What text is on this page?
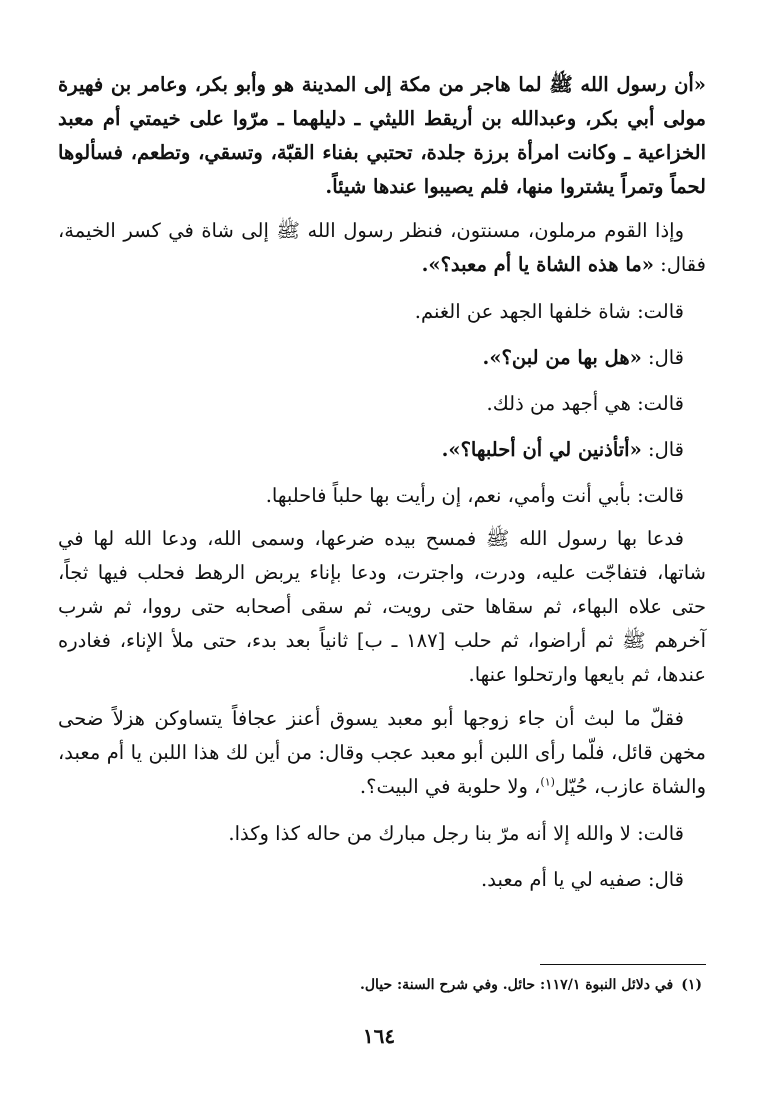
«أن رسول الله ﷺ لما هاجر من مكة إلى المدينة هو وأبو بكر، وعامر بن فهيرة مولى أبي بكر، وعبدالله بن أريقط الليثي ـ دليلهما ـ مرّوا على خيمتي أم معبد الخزاعية ـ وكانت امرأة برزة جلدة، تحتبي بفناء القبّة، وتسقي، وتطعم، فسألوها لحماً وتمراً يشتروا منها، فلم يصيبوا عندها شيئاً.

وإذا القوم مرملون، مسنتون، فنظر رسول الله ﷺ إلى شاة في كسر الخيمة، فقال: «ما هذه الشاة يا أم معبد؟».

قالت: شاة خلفها الجهد عن الغنم.

قال: «هل بها من لبن؟».

قالت: هي أجهد من ذلك.

قال: «أتأذنين لي أن أحلبها؟».

قالت: بأبي أنت وأمي، نعم، إن رأيت بها حلباً فاحلبها.

فدعا بها رسول الله ﷺ فمسح بيده ضرعها، وسمى الله، ودعا الله لها في شاتها، فتفاجّت عليه، ودرت، واجترت، ودعا بإناء يربض الرهط فحلب فيها ثجاً، حتى علاه البهاء، ثم سقاها حتى رويت، ثم سقى أصحابه حتى رووا، ثم شرب آخرهم ﷺ ثم أراضوا، ثم حلب [١٨٧ ـ ب] ثانياً بعد بدء، حتى ملأ الإناء، فغادره عندها، ثم بايعها وارتحلوا عنها.

فقلّ ما لبث أن جاء زوجها أبو معبد يسوق أعنز عجافاً يتساوكن هزلاً ضحى مخهن قائل، فلّما رأى اللبن أبو معبد عجب وقال: من أين لك هذا اللبن يا أم معبد، والشاة عازب، حُيّل$^{(١)}$، ولا حلوبة في البيت؟.

قالت: لا والله إلا أنه مرّ بنا رجل مبارك من حاله كذا وكذا.

قال: صفيه لي يا أم معبد.

(١)في دلائل النبوة ١١٧/١: حائل. وفي شرح السنة: حيال.
١٦٤
